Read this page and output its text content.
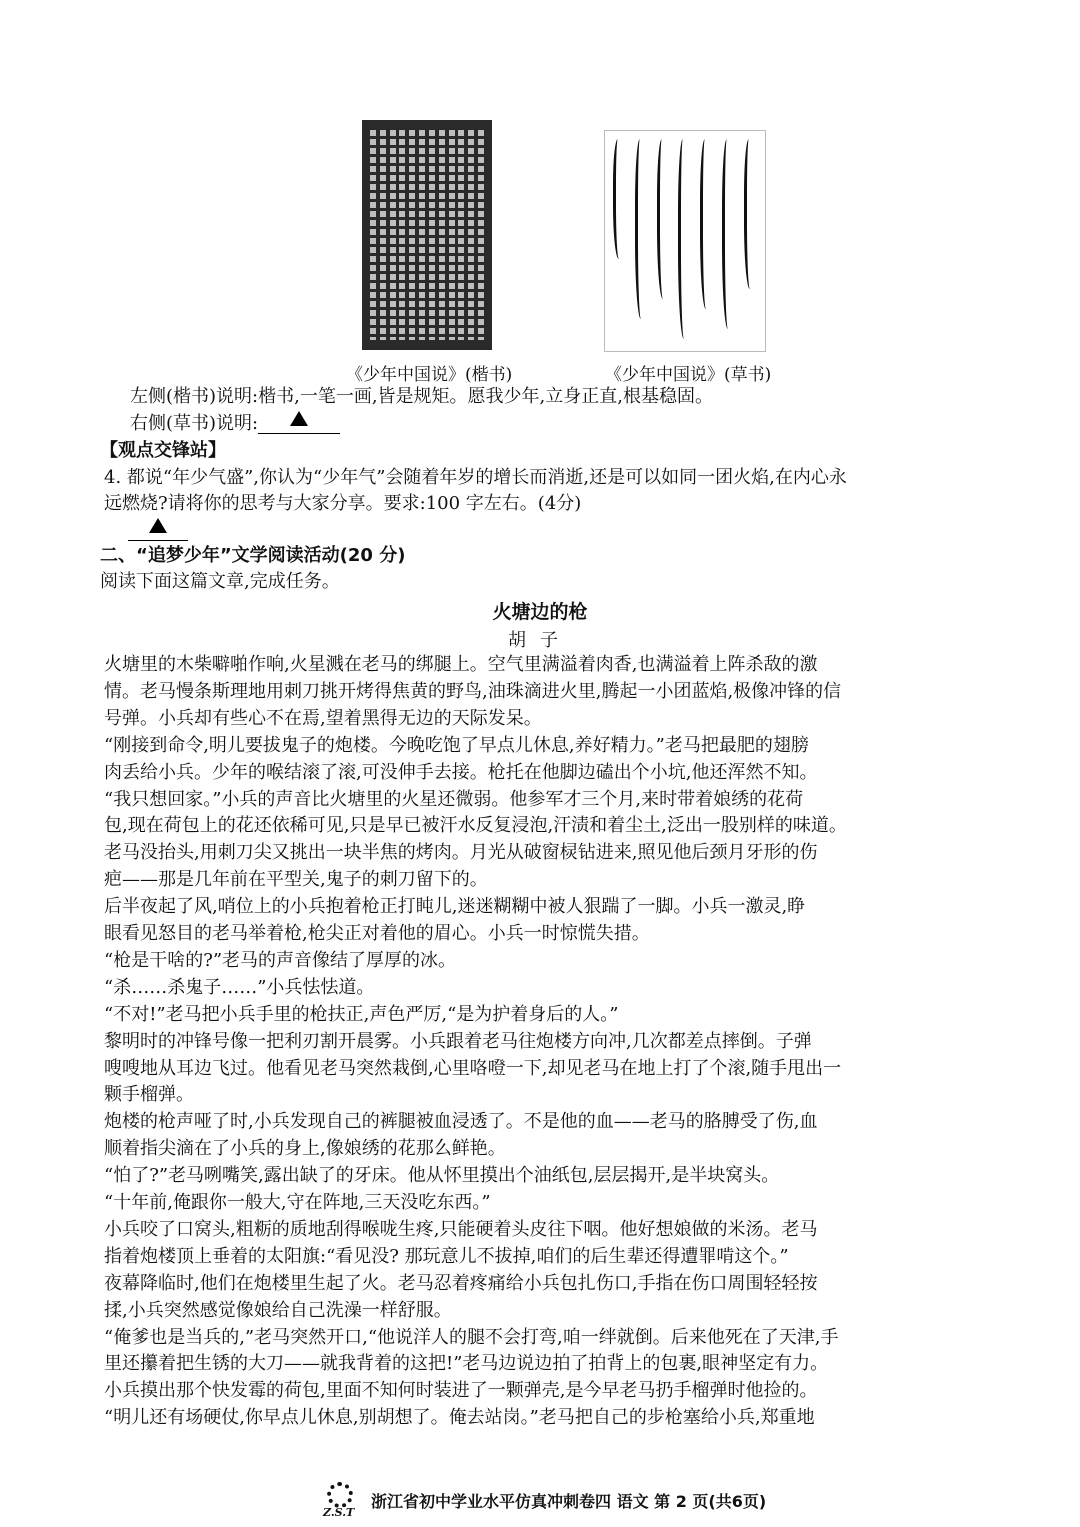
《少年中国说》(楷书)	《少年中国说》(草书)
左侧(楷书)说明:楷书,一笔一画,皆是规矩。愿我少年,立身正直,根基稳固。
右侧(草书)说明:
【观点交锋站】
4. 都说“年少气盛”,你认为“少年气”会随着年岁的增长而消逝,还是可以如同一团火焰,在内心永
远燃烧?请将你的思考与大家分享。要求:100 字左右。(4分)
二、“追梦少年”文学阅读活动(20 分)
阅读下面这篇文章,完成任务。
火塘边的枪
胡子
火塘里的木柴噼啪作响,火星溅在老马的绑腿上。空气里满溢着肉香,也满溢着上阵杀敌的激
情。老马慢条斯理地用刺刀挑开烤得焦黄的野鸟,油珠滴进火里,腾起一小团蓝焰,极像冲锋的信
号弹。小兵却有些心不在焉,望着黑得无边的天际发呆。
“刚接到命令,明儿要拔鬼子的炮楼。今晚吃饱了早点儿休息,养好精力。”老马把最肥的翅膀
肉丢给小兵。少年的喉结滚了滚,可没伸手去接。枪托在他脚边磕出个小坑,他还浑然不知。
“我只想回家。”小兵的声音比火塘里的火星还微弱。他参军才三个月,来时带着娘绣的花荷
包,现在荷包上的花还依稀可见,只是早已被汗水反复浸泡,汗渍和着尘土,泛出一股别样的味道。
老马没抬头,用刺刀尖又挑出一块半焦的烤肉。月光从破窗棂钻进来,照见他后颈月牙形的伤
疤——那是几年前在平型关,鬼子的刺刀留下的。
后半夜起了风,哨位上的小兵抱着枪正打盹儿,迷迷糊糊中被人狠踹了一脚。小兵一激灵,睁
眼看见怒目的老马举着枪,枪尖正对着他的眉心。小兵一时惊慌失措。
“枪是干啥的?”老马的声音像结了厚厚的冰。
“杀……杀鬼子……”小兵怯怯道。
“不对!”老马把小兵手里的枪扶正,声色严厉,“是为护着身后的人。”
黎明时的冲锋号像一把利刃割开晨雾。小兵跟着老马往炮楼方向冲,几次都差点摔倒。子弹
嗖嗖地从耳边飞过。他看见老马突然栽倒,心里咯噔一下,却见老马在地上打了个滚,随手甩出一
颗手榴弹。
炮楼的枪声哑了时,小兵发现自己的裤腿被血浸透了。不是他的血——老马的胳膊受了伤,血
顺着指尖滴在了小兵的身上,像娘绣的花那么鲜艳。
“怕了?”老马咧嘴笑,露出缺了的牙床。他从怀里摸出个油纸包,层层揭开,是半块窝头。
“十年前,俺跟你一般大,守在阵地,三天没吃东西。”
小兵咬了口窝头,粗粝的质地刮得喉咙生疼,只能硬着头皮往下咽。他好想娘做的米汤。老马
指着炮楼顶上垂着的太阳旗:“看见没? 那玩意儿不拔掉,咱们的后生辈还得遭罪啃这个。”
夜幕降临时,他们在炮楼里生起了火。老马忍着疼痛给小兵包扎伤口,手指在伤口周围轻轻按
揉,小兵突然感觉像娘给自己洗澡一样舒服。
“俺爹也是当兵的,”老马突然开口,“他说洋人的腿不会打弯,咱一绊就倒。后来他死在了天津,手
里还攥着把生锈的大刀——就我背着的这把!”老马边说边拍了拍背上的包裹,眼神坚定有力。
小兵摸出那个快发霉的荷包,里面不知何时装进了一颗弹壳,是今早老马扔手榴弹时他捡的。
“明儿还有场硬仗,你早点儿休息,别胡想了。俺去站岗。”老马把自己的步枪塞给小兵,郑重地
Z.S.T
浙江省初中学业水平仿真冲刺卷四 语文 第 2 页(共6页)
